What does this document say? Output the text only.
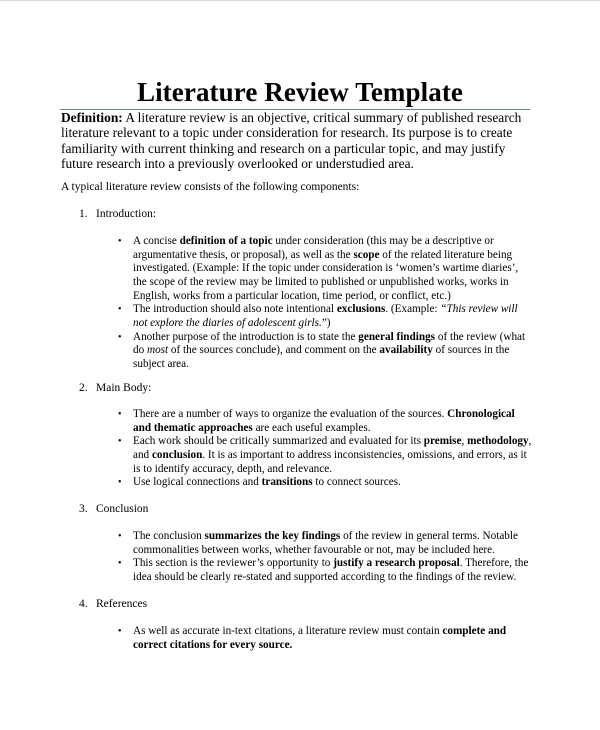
Literature Review Template

Definition: A literature review is an objective, critical summary of published research literature relevant to a topic under consideration for research. Its purpose is to create familiarity with current thinking and research on a particular topic, and may justify future research into a previously overlooked or understudied area.

A typical literature review consists of the following components:

1. Introduction:

• A concise definition of a topic under consideration (this may be a descriptive or argumentative thesis, or proposal), as well as the scope of the related literature being investigated. (Example: If the topic under consideration is ‘women’s wartime diaries’, the scope of the review may be limited to published or unpublished works, works in English, works from a particular location, time period, or conflict, etc.)
• The introduction should also note intentional exclusions. (Example: “This review will not explore the diaries of adolescent girls.”)
• Another purpose of the introduction is to state the general findings of the review (what do most of the sources conclude), and comment on the availability of sources in the subject area.

2. Main Body:

• There are a number of ways to organize the evaluation of the sources. Chronological and thematic approaches are each useful examples.
• Each work should be critically summarized and evaluated for its premise, methodology, and conclusion. It is as important to address inconsistencies, omissions, and errors, as it is to identify accuracy, depth, and relevance.
• Use logical connections and transitions to connect sources.

3. Conclusion

• The conclusion summarizes the key findings of the review in general terms. Notable commonalities between works, whether favourable or not, may be included here.
• This section is the reviewer’s opportunity to justify a research proposal. Therefore, the idea should be clearly re-stated and supported according to the findings of the review.

4. References

• As well as accurate in-text citations, a literature review must contain complete and correct citations for every source.
